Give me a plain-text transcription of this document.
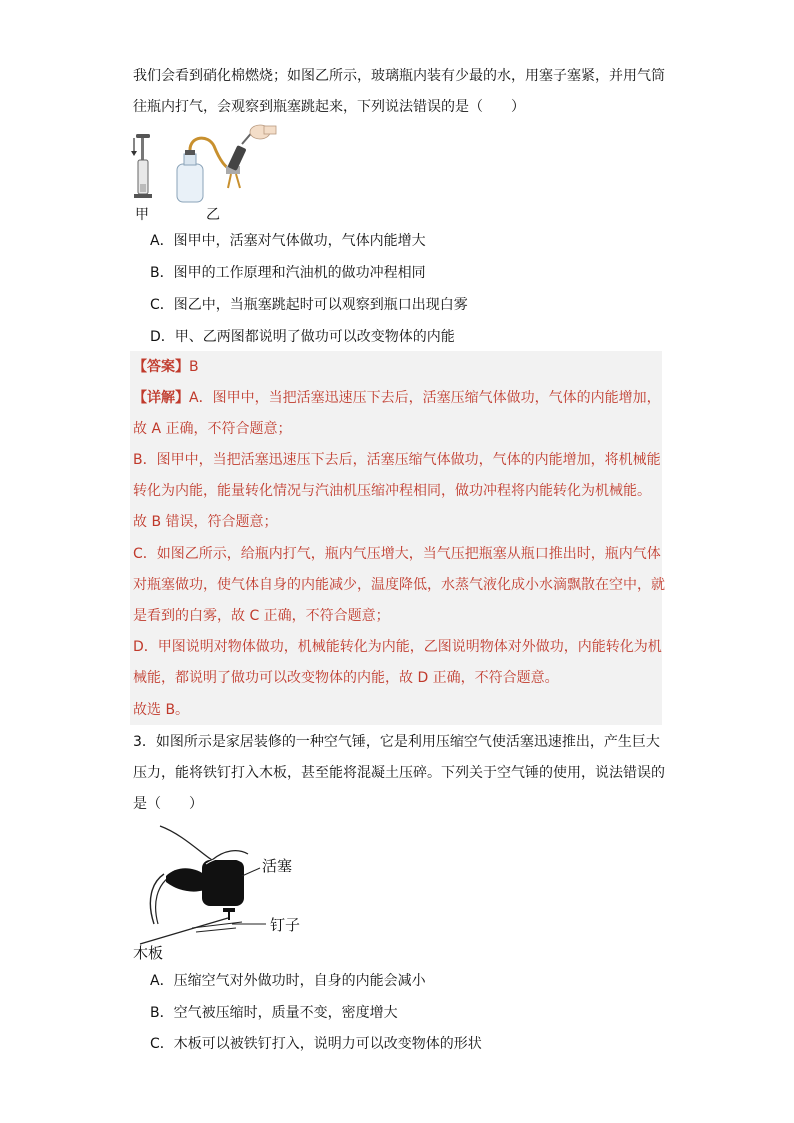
我们会看到硝化棉燃烧；如图乙所示，玻璃瓶内装有少最的水，用塞子塞紧，并用气筒
往瓶内打气，会观察到瓶塞跳起来，下列说法错误的是（　　）
甲	乙
A．图甲中，活塞对气体做功，气体内能增大
B．图甲的工作原理和汽油机的做功冲程相同
C．图乙中，当瓶塞跳起时可以观察到瓶口出现白雾
D．甲、乙两图都说明了做功可以改变物体的内能
【答案】B
【详解】A．图甲中，当把活塞迅速压下去后，活塞压缩气体做功，气体的内能增加，
故 A 正确，不符合题意；
B．图甲中，当把活塞迅速压下去后，活塞压缩气体做功，气体的内能增加，将机械能
转化为内能，能量转化情况与汽油机压缩冲程相同，做功冲程将内能转化为机械能。
故 B 错误，符合题意；
C．如图乙所示，给瓶内打气，瓶内气压增大，当气压把瓶塞从瓶口推出时，瓶内气体
对瓶塞做功，使气体自身的内能减少，温度降低，水蒸气液化成小水滴飘散在空中，就
是看到的白雾，故 C 正确，不符合题意；
D．甲图说明对物体做功，机械能转化为内能，乙图说明物体对外做功，内能转化为机
械能，都说明了做功可以改变物体的内能，故 D 正确，不符合题意。
故选 B。
3．如图所示是家居装修的一种空气锤，它是利用压缩空气使活塞迅速推出，产生巨大
压力，能将铁钉打入木板，甚至能将混凝土压碎。下列关于空气锤的使用，说法错误的
是（　　）
活塞
钉子
木板
A．压缩空气对外做功时，自身的内能会减小
B．空气被压缩时，质量不变，密度增大
C．木板可以被铁钉打入，说明力可以改变物体的形状
